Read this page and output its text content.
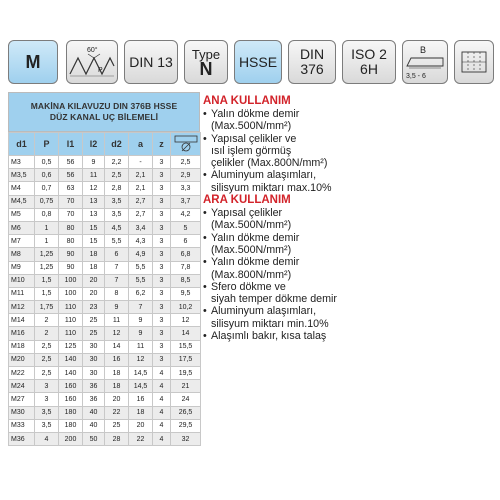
M
60°
P
DIN 13 Type
N	HSSE DIN
376
ISO 2
6H
B
3,5 - 6
MAKİNA KILAVUZU DIN 376B HSSE
DÜZ KANAL UÇ BİLEMELİ
d1	P	l1	l2	d2	a	z	
M3	0,5	56	9	2,2	-	3	2,5
M3,5	0,6	56	11	2,5	2,1	3	2,9
M4	0,7	63	12	2,8	2,1	3	3,3
M4,5	0,75	70	13	3,5	2,7	3	3,7
M5	0,8	70	13	3,5	2,7	3	4,2
M6	1	80	15	4,5	3,4	3	5
M7	1	80	15	5,5	4,3	3	6
M8	1,25	90	18	6	4,9	3	6,8
M9	1,25	90	18	7	5,5	3	7,8
M10	1,5	100	20	7	5,5	3	8,5
M11	1,5	100	20	8	6,2	3	9,5
M12	1,75	110	23	9	7	3	10,2
M14	2	110	25	11	9	3	12
M16	2	110	25	12	9	3	14
M18	2,5	125	30	14	11	3	15,5
M20	2,5	140	30	16	12	3	17,5
M22	2,5	140	30	18	14,5	4	19,5
M24	3	160	36	18	14,5	4	21
M27	3	160	36	20	16	4	24
M30	3,5	180	40	22	18	4	26,5
M33	3,5	180	40	25	20	4	29,5
M36	4	200	50	28	22	4	32
ANA KULLANIM
• Yalın dökme demir
(Max.500N/mm²)
• Yapısal çelikler ve
ısıl işlem görmüş
çelikler (Max.800N/mm²)
• Aluminyum alaşımları,
silisyum miktarı max.10%
ARA KULLANIM
• Yapısal çelikler
(Max.500N/mm²)
• Yalın dökme demir
(Max.500N/mm²)
• Yalın dökme demir
(Max.800N/mm²)
• Sfero dökme ve
siyah temper dökme demir
• Aluminyum alaşımları,
silisyum miktarı min.10%
• Alaşımlı bakır, kısa talaş
